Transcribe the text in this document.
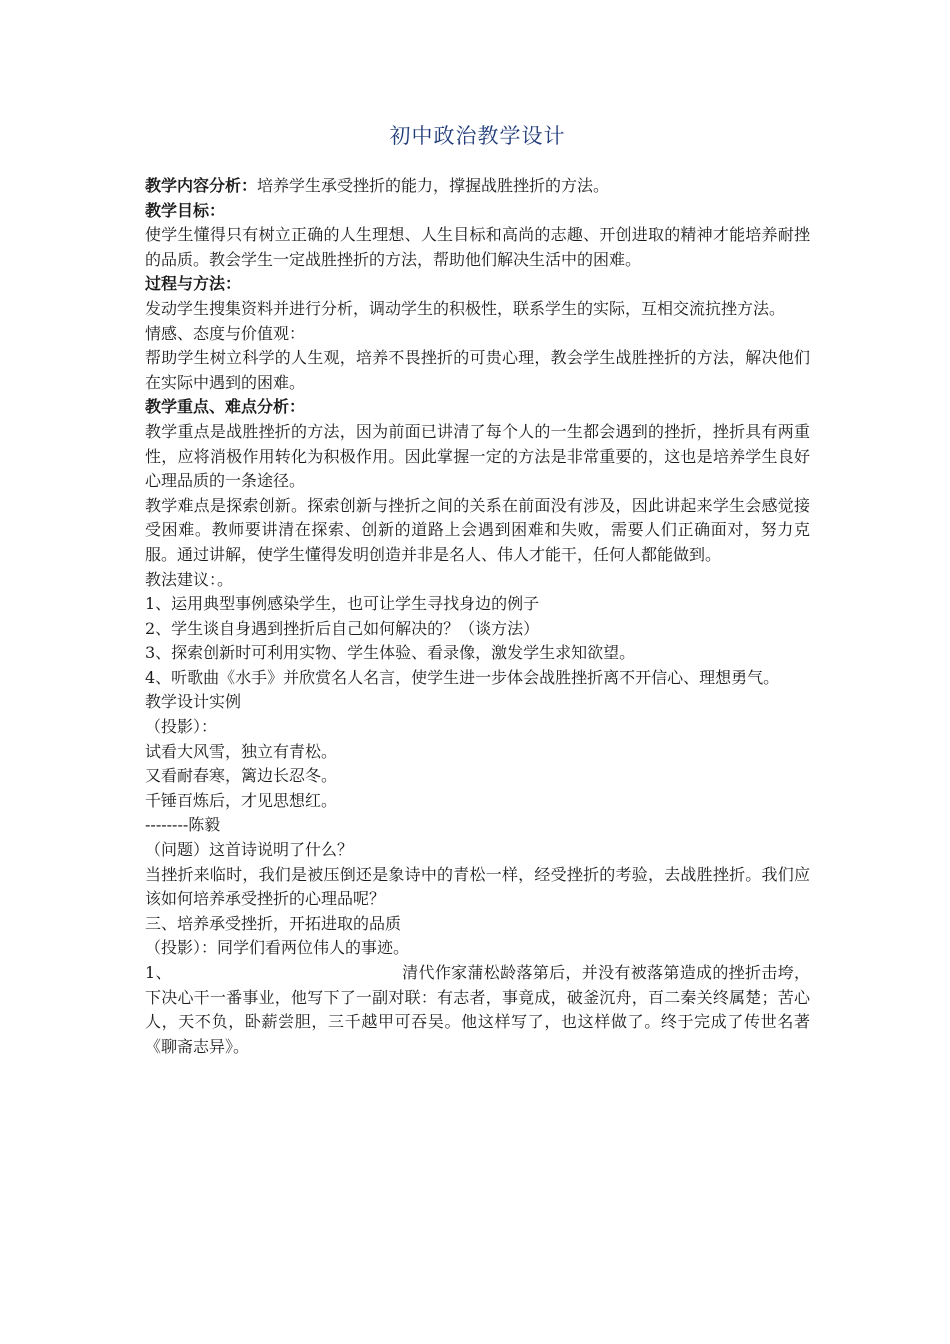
初中政治教学设计

教学内容分析：培养学生承受挫折的能力，撑握战胜挫折的方法。

教学目标：

使学生懂得只有树立正确的人生理想、人生目标和高尚的志趣、开创进取的精神才能培养耐挫的品质。教会学生一定战胜挫折的方法，帮助他们解决生活中的困难。

过程与方法：

发动学生搜集资料并进行分析，调动学生的积极性，联系学生的实际，互相交流抗挫方法。

情感、态度与价值观：

帮助学生树立科学的人生观，培养不畏挫折的可贵心理，教会学生战胜挫折的方法，解决他们在实际中遇到的困难。

教学重点、难点分析：

教学重点是战胜挫折的方法，因为前面已讲清了每个人的一生都会遇到的挫折，挫折具有两重性，应将消极作用转化为积极作用。因此掌握一定的方法是非常重要的，这也是培养学生良好心理品质的一条途径。

教学难点是探索创新。探索创新与挫折之间的关系在前面没有涉及，因此讲起来学生会感觉接受困难。教师要讲清在探索、创新的道路上会遇到困难和失败，需要人们正确面对，努力克服。通过讲解，使学生懂得发明创造并非是名人、伟人才能干，任何人都能做到。

教法建议：。

1、运用典型事例感染学生，也可让学生寻找身边的例子

2、学生谈自身遇到挫折后自己如何解决的？（谈方法）

3、探索创新时可利用实物、学生体验、看录像，激发学生求知欲望。

4、听歌曲《水手》并欣赏名人名言，使学生进一步体会战胜挫折离不开信心、理想勇气。

教学设计实例

（投影）：

试看大风雪，独立有青松。

又看耐春寒，篱边长忍冬。

千锤百炼后，才见思想红。

--------陈毅

（问题）这首诗说明了什么？

当挫折来临时，我们是被压倒还是象诗中的青松一样，经受挫折的考验，去战胜挫折。我们应该如何培养承受挫折的心理品呢？

三、培养承受挫折，开拓进取的品质

（投影）：同学们看两位伟人的事迹。

1、	清代作家蒲松龄落第后，并没有被落第造成的挫折击垮，下决心干一番事业，他写下了一副对联：有志者，事竟成，破釜沉舟，百二秦关终属楚；苦心人，天不负，卧薪尝胆，三千越甲可吞吴。他这样写了，也这样做了。终于完成了传世名著《聊斋志异》。
